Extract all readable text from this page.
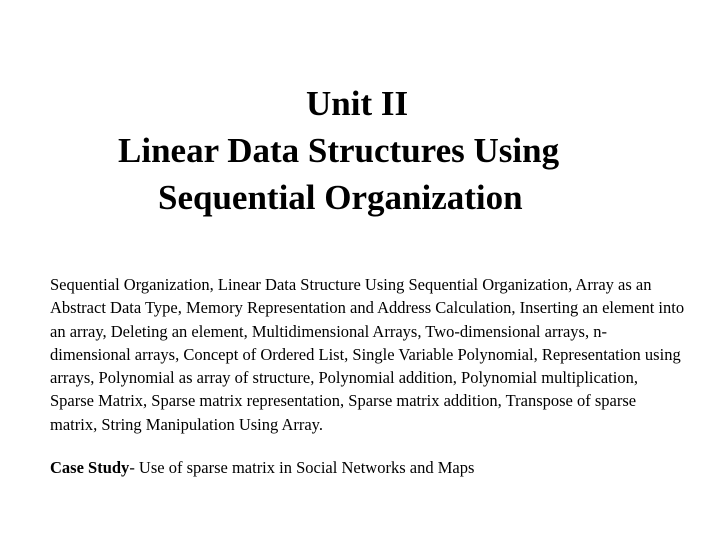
Unit II
Linear Data Structures Using
Sequential Organization
Sequential Organization, Linear Data Structure Using Sequential Organization, Array as an Abstract Data Type, Memory Representation and Address Calculation, Inserting an element into an array, Deleting an element, Multidimensional Arrays, Two-dimensional arrays, n- dimensional arrays, Concept of Ordered List, Single Variable Polynomial, Representation using arrays, Polynomial as array of structure, Polynomial addition, Polynomial multiplication, Sparse Matrix, Sparse matrix representation, Sparse matrix addition, Transpose of sparse matrix, String Manipulation Using Array.
Case Study- Use of sparse matrix in Social Networks and Maps
